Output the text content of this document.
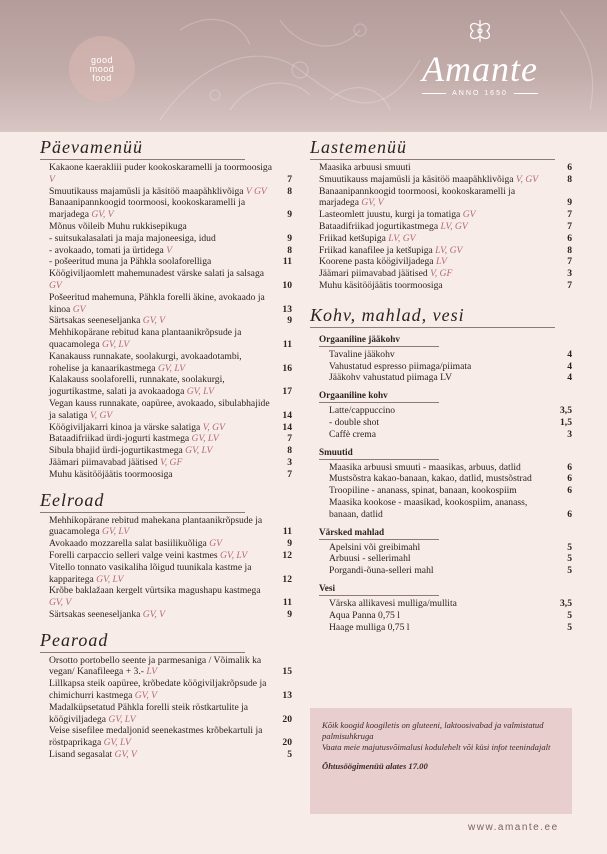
good mood food	Amante
ANNO 1650
Päevamenüü
Kakaone kaerakliii puder kookoskaramelli ja toormoosiga V	7
Smuutikauss majamüsli ja käsitöö maapähklivõiga V GV	8
Banaanipannkoogid toormoosi, kookoskaramelli ja marjadega GV, V	9
Mõnus võileib Muhu rukkisepikuga
- suitsukalasalati ja maja majoneesiga, idud	9
- avokaado, tomati ja ürtidega V	8
- pošeeritud muna ja Pähkla soolaforelliga	11
Köögiviljaomlett mahemunadest värske salati ja salsaga GV	10
Pošeeritud mahemuna, Pähkla forelli äkine, avokaado ja kinoa GV	13
Särtsakas seeneseljanka GV, V	9
Mehhikopärane rebitud kana plantaanikrõpsude ja quacamolega GV, LV	11
Kanakauss runnakate, soolakurgi, avokaadotambi, rohelise ja kanaarikastmega GV, LV	16
Kalakauss soolaforelli, runnakate, soolakurgi, jogurtikastme, salati ja avokaadoga GV, LV	17
Vegan kauss runnakate, oapüree, avokaado, sibulabhajide ja salatiga V, GV	14
Köögiviljakarri kinoa ja värske salatiga V, GV	14
Bataadifriikad ürdi-jogurti kastmega GV, LV	7
Sibula bhajid ürdi-jogurtikastmega GV, LV	8
Jäämari piimavabad jäätised V, GF	3
Muhu käsitööjäätis toormoosiga	7
Eelroad
Mehhikopärane rebitud mahekana plantaanikrõpsude ja guacamolega GV, LV	11
Avokaado mozzarella salat basiilikuõliga GV	9
Forelli carpaccio selleri valge veini kastmes GV, LV	12
Vitello tonnato vasikaliha lõigud tuunikala kastme ja kapparitega GV, LV	12
Krõbe baklažaan kergelt vürtsika magushapu kastmega GV, V	11
Särtsakas seeneseljanka GV, V	9
Pearoad
Orsotto portobello seente ja parmesaniga / Võimalik ka vegan/ Kanafileega + 3.- LV	15
Lillkapsa steik oapüree, krõbedate köögiviljakrõpsude ja chimichurri kastmega GV, V	13
Madalküpsetatud Pähkla forelli steik röstkartulite ja köögiviljadega GV, LV	20
Veise sisefilee medaljonid seenekastmes krõbekartuli ja röstpaprikaga GV, LV	20
Lisand segasalat GV, V	5
Lastemenüü
Maasika arbuusi smuuti	6
Smuutikauss majamüsli ja käsitöö maapähklivõiga V, GV	8
Banaanipannkoogid toormoosi, kookoskaramelli ja marjadega GV, V	9
Lasteomlett juustu, kurgi ja tomatiga GV	7
Bataadifriikad jogurtikastmega LV, GV	7
Friikad ketšupiga LV, GV	6
Friikad kanafilee ja ketšupiga LV, GV	8
Koorene pasta köögiviljadega LV	7
Jäämari piimavabad jäätised V, GF	3
Muhu käsitööjäätis toormoosiga	7
Kohv, mahlad, vesi
Orgaaniline jääkohv
Tavaline jääkohv	4
Vahustatud espresso piimaga/piimata	4
Jääkohv vahustatud piimaga LV	4
Orgaaniline kohv
Latte/cappuccino	3,5
- double shot	1,5
Caffè crema	3
Smuutid
Maasika arbuusi smuuti - maasikas, arbuus, datlid	6
Mustsõstra kakao-banaan, kakao, datlid, mustsõstrad	6
Troopiline - ananass, spinat, banaan, kookospiim	6
Maasika kookose - maasikad, kookospiim, ananass, banaan, datlid	6
Värsked mahlad
Apelsini või greibimahl	5
Arbuusi - sellerimahl	5
Porgandi-õuna-selleri mahl	5
Vesi
Värska allikavesi mulliga/mullita	3,5
Aqua Panna 0,75 l	5
Haage mulliga 0,75 l	5

Kõik koogid koogiletis on gluteeni, laktoosivabad ja valmistatud palmisuhkruga

Vaata meie majutusvõimalusi kodulehelt või küsi infot teenindajalt

Õhtusöögimenüü alates 17.00

www.amante.ee
